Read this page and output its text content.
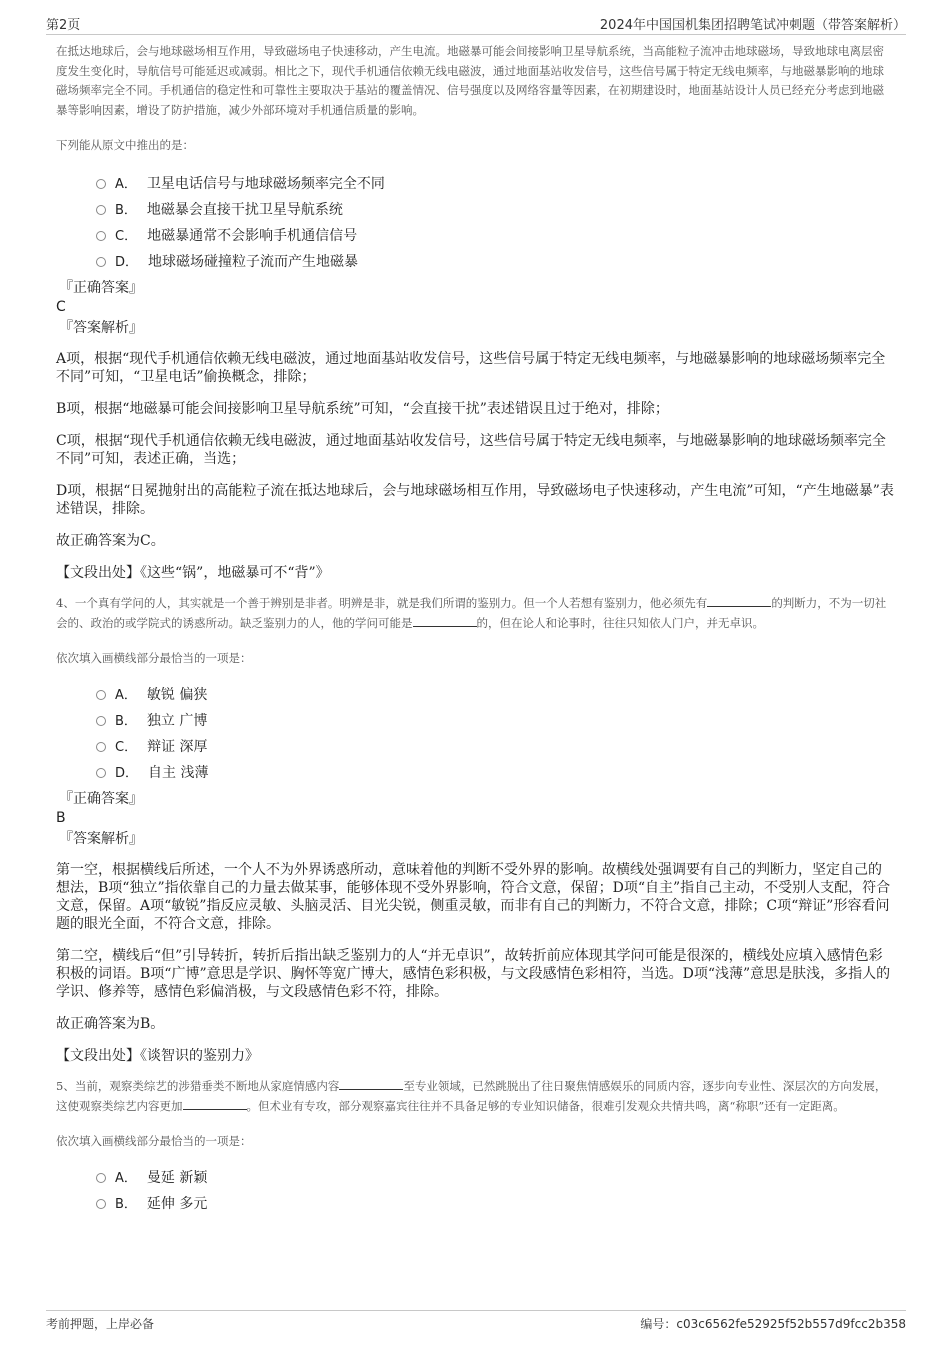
第2页	2024年中国国机集团招聘笔试冲刺题（带答案解析）

在抵达地球后，会与地球磁场相互作用，导致磁场电子快速移动，产生电流。地磁暴可能会间接影响卫星导航系统，当高能粒子流冲击地球磁场，导致地球电离层密度发生变化时，导航信号可能延迟或减弱。相比之下，现代手机通信依赖无线电磁波，通过地面基站收发信号，这些信号属于特定无线电频率，与地磁暴影响的地球磁场频率完全不同。手机通信的稳定性和可靠性主要取决于基站的覆盖情况、信号强度以及网络容量等因素，在初期建设时，地面基站设计人员已经充分考虑到地磁暴等影响因素，增设了防护措施，减少外部环境对手机通信质量的影响。

下列能从原文中推出的是：

A． 卫星电话信号与地球磁场频率完全不同
B． 地磁暴会直接干扰卫星导航系统
C． 地磁暴通常不会影响手机通信信号
D． 地球磁场碰撞粒子流而产生地磁暴

『正确答案』

C

『答案解析』

A项，根据“现代手机通信依赖无线电磁波，通过地面基站收发信号，这些信号属于特定无线电频率，与地磁暴影响的地球磁场频率完全不同”可知，“卫星电话”偷换概念，排除；

B项，根据“地磁暴可能会间接影响卫星导航系统”可知，“会直接干扰”表述错误且过于绝对，排除；

C项，根据“现代手机通信依赖无线电磁波，通过地面基站收发信号，这些信号属于特定无线电频率，与地磁暴影响的地球磁场频率完全不同”可知，表述正确，当选；

D项，根据“日冕抛射出的高能粒子流在抵达地球后，会与地球磁场相互作用，导致磁场电子快速移动，产生电流”可知，“产生地磁暴”表述错误，排除。

故正确答案为C。

【文段出处】《这些“锅”，地磁暴可不“背”》

4、一个真有学问的人，其实就是一个善于辨别是非者。明辨是非，就是我们所谓的鉴别力。但一个人若想有鉴别力，他必须先有	的判断力，不为一切社会的、政治的或学院式的诱惑所动。缺乏鉴别力的人，他的学问可能是	的，但在论人和论事时，往往只知依人门户，并无卓识。

依次填入画横线部分最恰当的一项是：

A． 敏锐 偏狭
B． 独立 广博
C． 辩证 深厚
D． 自主 浅薄

『正确答案』

B

『答案解析』

第一空，根据横线后所述，一个人不为外界诱惑所动，意味着他的判断不受外界的影响。故横线处强调要有自己的判断力，坚定自己的想法，B项“独立”指依靠自己的力量去做某事，能够体现不受外界影响，符合文意，保留；D项“自主”指自己主动，不受别人支配，符合文意，保留。A项“敏锐”指反应灵敏、头脑灵活、目光尖锐，侧重灵敏，而非有自己的判断力，不符合文意，排除；C项“辩证”形容看问题的眼光全面，不符合文意，排除。

第二空，横线后“但”引导转折，转折后指出缺乏鉴别力的人“并无卓识”，故转折前应体现其学问可能是很深的，横线处应填入感情色彩积极的词语。B项“广博”意思是学识、胸怀等宽广博大，感情色彩积极，与文段感情色彩相符，当选。D项“浅薄”意思是肤浅，多指人的学识、修养等，感情色彩偏消极，与文段感情色彩不符，排除。

故正确答案为B。

【文段出处】《谈智识的鉴别力》

5、当前，观察类综艺的涉猎垂类不断地从家庭情感内容	至专业领域，已然跳脱出了往日聚焦情感娱乐的同质内容，逐步向专业性、深层次的方向发展，这使观察类综艺内容更加	。但术业有专攻，部分观察嘉宾往往并不具备足够的专业知识储备，很难引发观众共情共鸣，离“称职”还有一定距离。

依次填入画横线部分最恰当的一项是：

A． 曼延 新颖
B． 延伸 多元
考前押题，上岸必备	编号：c03c6562fe52925f52b557d9fcc2b358
